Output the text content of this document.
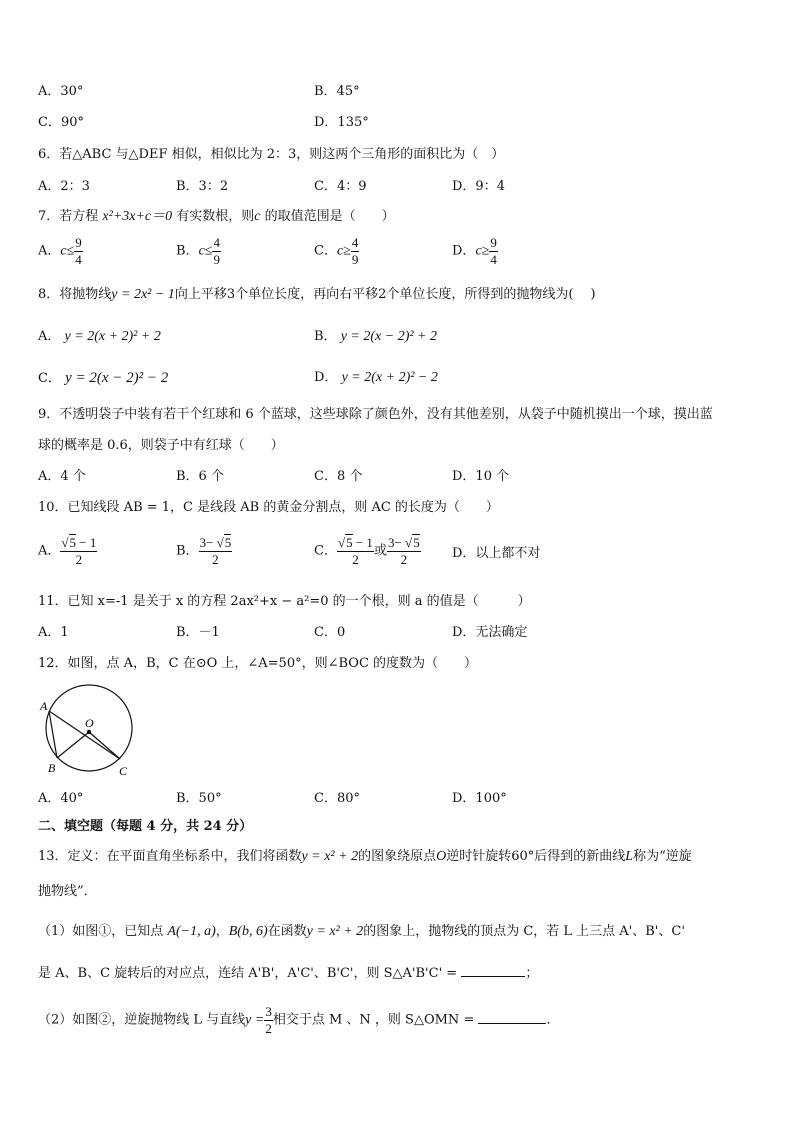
A．30°	B．45°
C．90°	D．135°
6．若△ABC 与△DEF 相似，相似比为 2：3，则这两个三角形的面积比为（　）
A．2：3	B．3：2	C．4：9	D．9：4
7．若方程 x²+3x+c＝0 有实数根，则c 的取值范围是（　　）
A．$c\le \frac{9}{4}$	B．$c\le \frac{4}{9}$	C．$c\ge \frac{4}{9}$	D．$c\ge \frac{9}{4}$
8．将抛物线y = 2x² − 1向上平移3个单位长度，再向右平移2个单位长度，所得到的抛物线为(　 )
A． y = 2(x + 2)² + 2	B． y = 2(x − 2)² + 2
C． y = 2(x − 2)² − 2	D． y = 2(x + 2)² − 2
9．不透明袋子中装有若干个红球和 6 个蓝球，这些球除了颜色外，没有其他差别，从袋子中随机摸出一个球，摸出蓝
球的概率是 0.6，则袋子中有红球（　　）
A．4 个	B．6 个	C．8 个	D．10 个
10．已知线段 AB = 1，C 是线段 AB 的黄金分割点，则 AC 的长度为（　　）
A． $\frac{√5 - 1}{2}$	B． $\frac{3- √5}{2}$	C． $\frac{√5 - 1}{2}$ 或 $\frac{3- √5}{2}$ D．以上都不对
11．已知 x=-1 是关于 x 的方程 2ax²+x − a²=0 的一个根，则 a 的值是（　　　）
A．1	B．－1	C．0	D．无法确定
12．如图，点 A，B，C 在⊙O 上，∠A=50°，则∠BOC 的度数为（　　）
A
B	C
O
A．40°	B．50°	C．80°	D．100°
二、填空题（每题 4 分，共 24 分）
13．定义：在平面直角坐标系中，我们将函数y = x² + 2的图象绕原点O逆时针旋转60°后得到的新曲线L称为“逆旋
抛物线”．
（1）如图①，已知点 A(−1, a)，B(b, 6)在函数y = x² + 2的图象上，抛物线的顶点为 C，若 L 上三点 A'、B'、C'
是 A、B、C 旋转后的对应点，连结 A'B'，A'C'、B'C'，则 S△A'B'C' =	；
（2）如图②，逆旋抛物线 L 与直线$y = \frac{3}{2}$ 相交于点 M 、N ，则 S△OMN =	．
